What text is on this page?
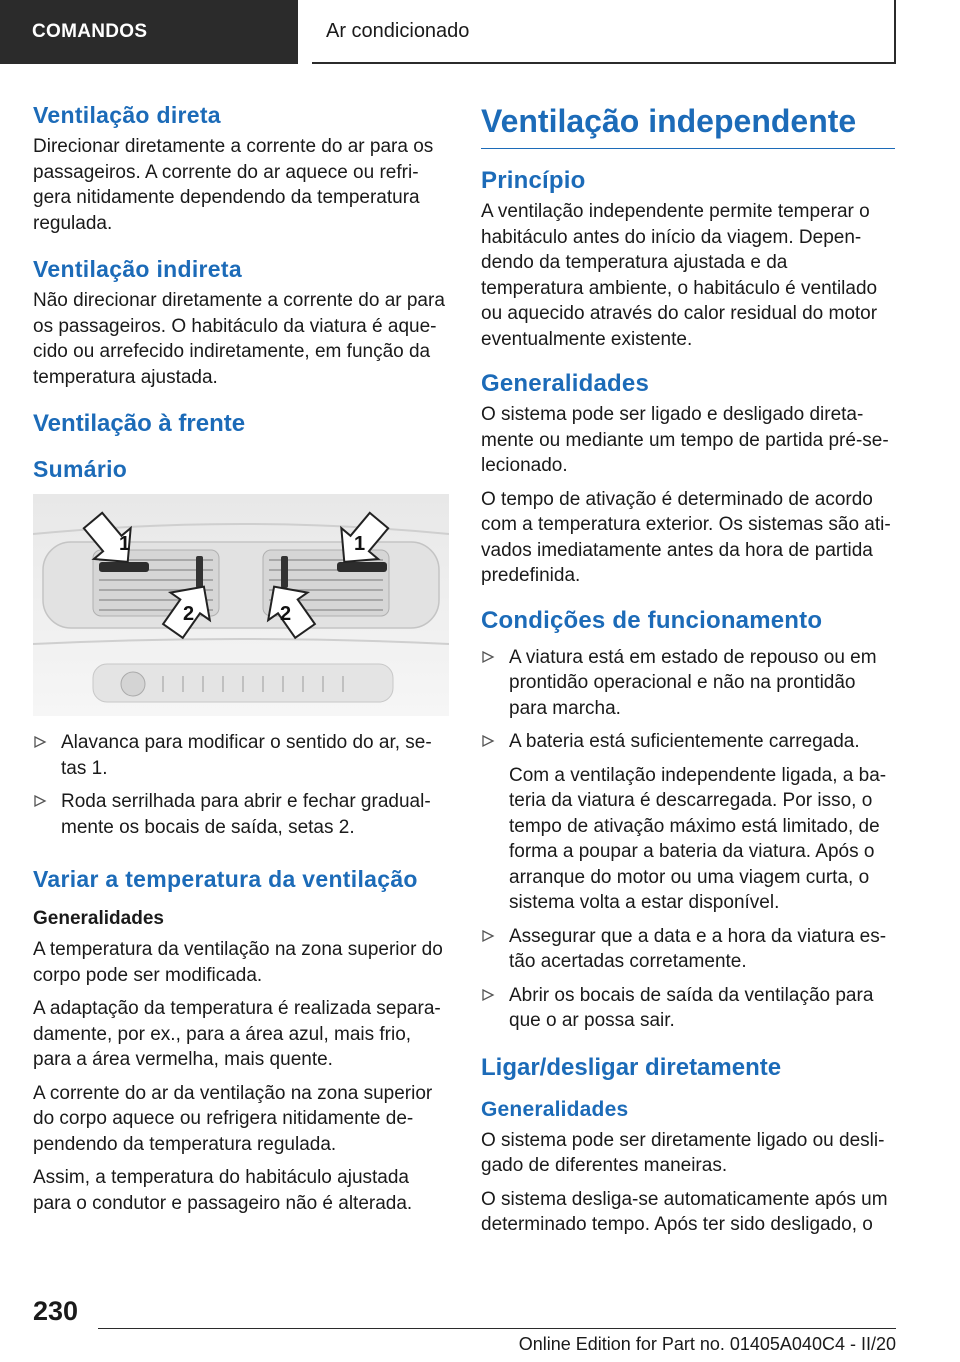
COMANDOS	Ar condicionado
Ventilação direta

Direcionar diretamente a corrente do ar para os passageiros. A corrente do ar aquece ou refrigera nitidamente dependendo da temperatura regulada.

Ventilação indireta

Não direcionar diretamente a corrente do ar para os passageiros. O habitáculo da viatura é aquecido ou arrefecido indiretamente, em função da temperatura ajustada.

Ventilação à frente
Sumário
1	1
2	2
Alavanca para modificar o sentido do ar, setas 1.
Roda serrilhada para abrir e fechar gradualmente os bocais de saída, setas 2.
Variar a temperatura da ventilação
Generalidades

A temperatura da ventilação na zona superior do corpo pode ser modificada.

A adaptação da temperatura é realizada separadamente, por ex., para a área azul, mais frio, para a área vermelha, mais quente.

A corrente do ar da ventilação na zona superior do corpo aquece ou refrigera nitidamente dependendo da temperatura regulada.

Assim, a temperatura do habitáculo ajustada para o condutor e passageiro não é alterada.

Ventilação independente
Princípio

A ventilação independente permite temperar o habitáculo antes do início da viagem. Dependendo da temperatura ajustada e da temperatura ambiente, o habitáculo é ventilado ou aquecido através do calor residual do motor eventualmente existente.

Generalidades

O sistema pode ser ligado e desligado diretamente ou mediante um tempo de partida pré-selecionado.

O tempo de ativação é determinado de acordo com a temperatura exterior. Os sistemas são ativados imediatamente antes da hora de partida predefinida.

Condições de funcionamento
A viatura está em estado de repouso ou em prontidão operacional e não na prontidão para marcha.
A bateria está suficientemente carregada.

Com a ventilação independente ligada, a bateria da viatura é descarregada. Por isso, o tempo de ativação máximo está limitado, de forma a poupar a bateria da viatura. Após o arranque do motor ou uma viagem curta, o sistema volta a estar disponível.

Assegurar que a data e a hora da viatura estão acertadas corretamente.
Abrir os bocais de saída da ventilação para que o ar possa sair.
Ligar/desligar diretamente
Generalidades

O sistema pode ser diretamente ligado ou desligado de diferentes maneiras.

O sistema desliga-se automaticamente após um determinado tempo. Após ter sido desligado, o

230
Online Edition for Part no. 01405A040C4 - II/20
